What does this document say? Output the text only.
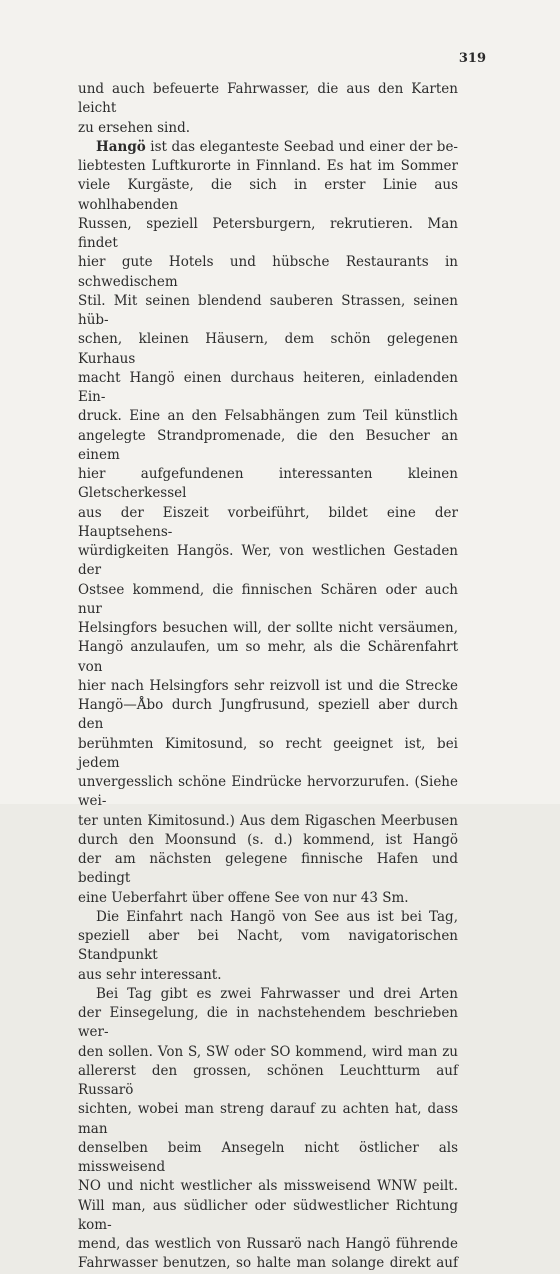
319
und auch befeuerte Fahrwasser, die aus den Karten leicht
zu ersehen sind.
Hangö ist das eleganteste Seebad und einer der be-
liebtesten Luftkurorte in Finnland. Es hat im Sommer
viele Kurgäste, die sich in erster Linie aus wohlhabenden
Russen, speziell Petersburgern, rekrutieren. Man findet
hier gute Hotels und hübsche Restaurants in schwedischem
Stil. Mit seinen blendend sauberen Strassen, seinen hüb-
schen, kleinen Häusern, dem schön gelegenen Kurhaus
macht Hangö einen durchaus heiteren, einladenden Ein-
druck. Eine an den Felsabhängen zum Teil künstlich
angelegte Strandpromenade, die den Besucher an einem
hier aufgefundenen interessanten kleinen Gletscherkessel
aus der Eiszeit vorbeiführt, bildet eine der Hauptsehens-
würdigkeiten Hangös. Wer, von westlichen Gestaden der
Ostsee kommend, die finnischen Schären oder auch nur
Helsingfors besuchen will, der sollte nicht versäumen,
Hangö anzulaufen, um so mehr, als die Schärenfahrt von
hier nach Helsingfors sehr reizvoll ist und die Strecke
Hangö—Åbo durch Jungfrusund, speziell aber durch den
berühmten Kimitosund, so recht geeignet ist, bei jedem
unvergesslich schöne Eindrücke hervorzurufen. (Siehe wei-
ter unten Kimitosund.) Aus dem Rigaschen Meerbusen
durch den Moonsund (s. d.) kommend, ist Hangö
der am nächsten gelegene finnische Hafen und bedingt
eine Ueberfahrt über offene See von nur 43 Sm.
Die Einfahrt nach Hangö von See aus ist bei Tag,
speziell aber bei Nacht, vom navigatorischen Standpunkt
aus sehr interessant.
Bei Tag gibt es zwei Fahrwasser und drei Arten
der Einsegelung, die in nachstehendem beschrieben wer-
den sollen. Von S, SW oder SO kommend, wird man zu
allererst den grossen, schönen Leuchtturm auf Russarö
sichten, wobei man streng darauf zu achten hat, dass man
denselben beim Ansegeln nicht östlicher als missweisend
NO und nicht westlicher als missweisend WNW peilt.
Will man, aus südlicher oder südwestlicher Richtung kom-
mend, das westlich von Russarö nach Hangö führende
Fahrwasser benutzen, so halte man solange direkt auf
